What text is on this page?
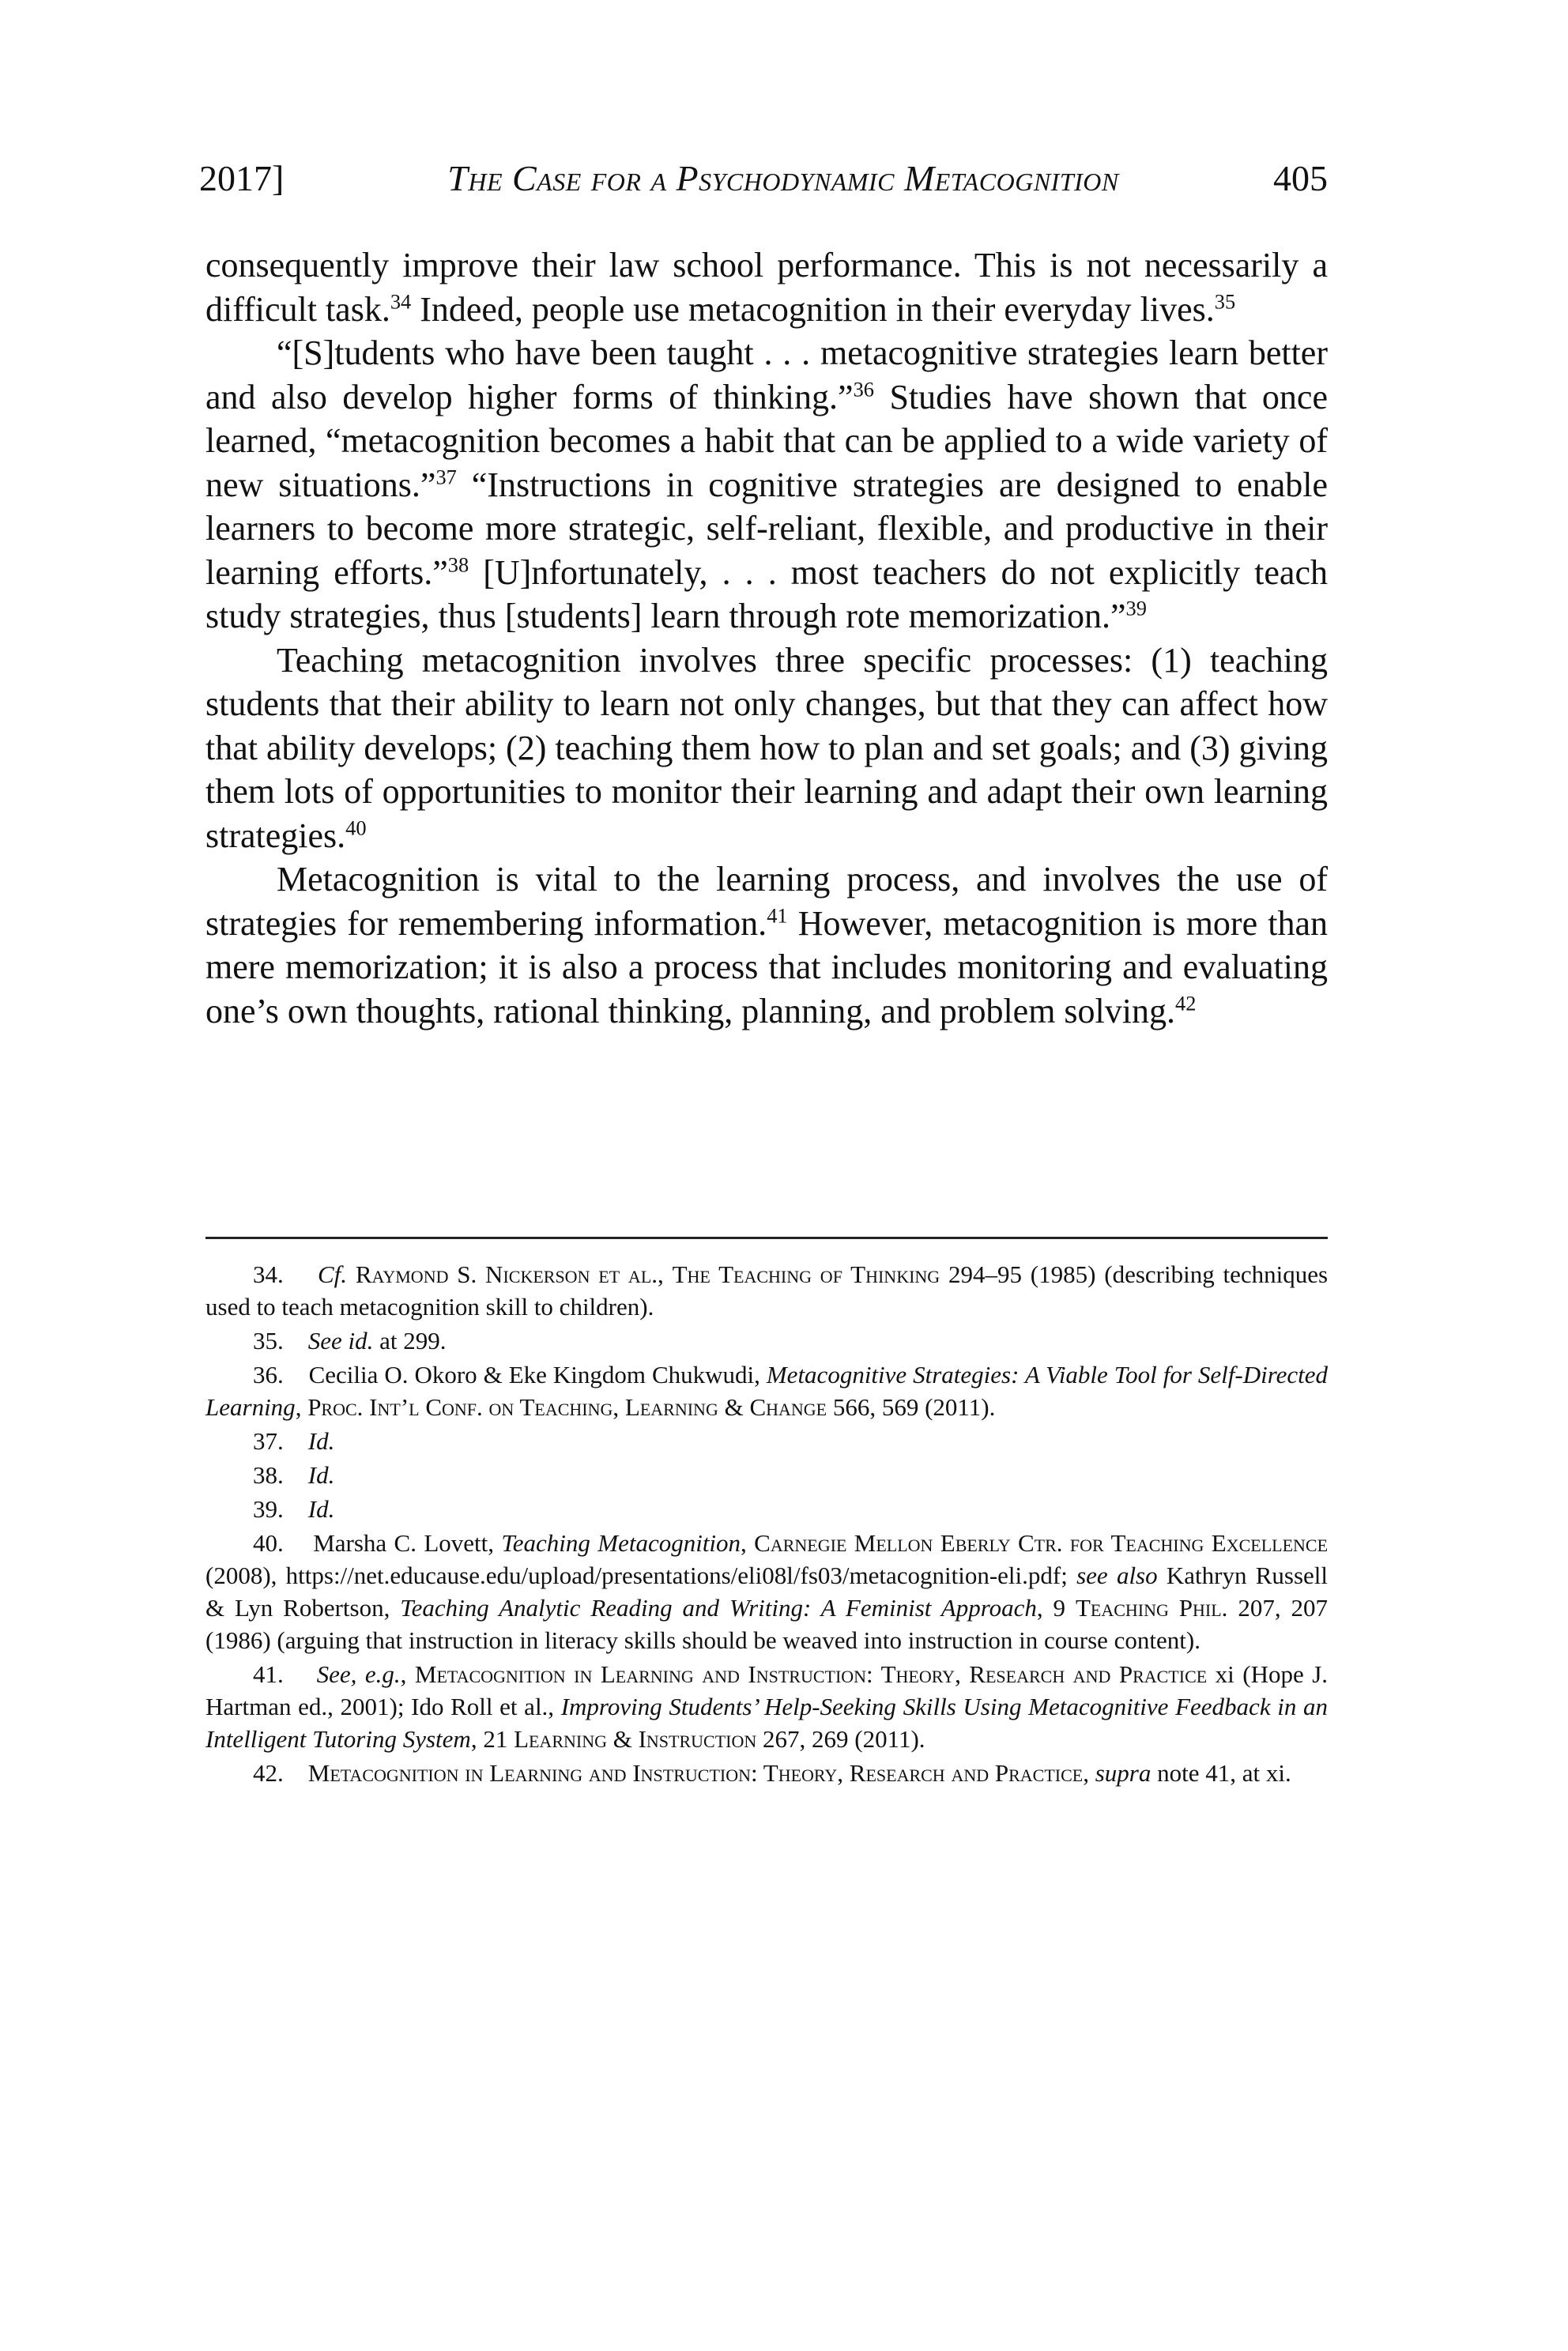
2017]	The Case for a Psychodynamic Metacognition	405

consequently improve their law school performance. This is not necessarily a difficult task.$^{34}$ Indeed, people use metacognition in their everyday lives.$^{35}$

“[S]tudents who have been taught . . . metacognitive strategies learn better and also develop higher forms of thinking.”$^{36}$ Studies have shown that once learned, “metacognition becomes a habit that can be applied to a wide variety of new situations.”$^{37}$ “Instructions in cognitive strategies are designed to enable learners to become more strategic, self-reliant, flexible, and productive in their learning efforts.”$^{38}$ [U]nfortunately, . . . most teachers do not explicitly teach study strategies, thus [students] learn through rote memorization.”$^{39}$

Teaching metacognition involves three specific processes: (1) teaching students that their ability to learn not only changes, but that they can affect how that ability develops; (2) teaching them how to plan and set goals; and (3) giving them lots of opportunities to monitor their learning and adapt their own learning strategies.$^{40}$

Metacognition is vital to the learning process, and involves the use of strategies for remembering information.$^{41}$ However, metacognition is more than mere memorization; it is also a process that includes monitoring and evaluating one’s own thoughts, rational thinking, planning, and problem solving.$^{42}$

34. Cf. Raymond S. Nickerson et al., The Teaching of Thinking 294–95 (1985) (describing techniques used to teach metacognition skill to children).

35. See id. at 299.

36. Cecilia O. Okoro & Eke Kingdom Chukwudi, Metacognitive Strategies: A Viable Tool for Self-Directed Learning, Proc. Int’l Conf. on Teaching, Learning & Change 566, 569 (2011).

37. Id.

38. Id.

39. Id.

40. Marsha C. Lovett, Teaching Metacognition, Carnegie Mellon Eberly Ctr. for Teaching Excellence (2008), https://net.educause.edu/upload/presentations/eli08l/fs03/metacognition-eli.pdf; see also Kathryn Russell & Lyn Robertson, Teaching Analytic Reading and Writing: A Feminist Approach, 9 Teaching Phil. 207, 207 (1986) (arguing that instruction in literacy skills should be weaved into instruction in course content).

41. See, e.g., Metacognition in Learning and Instruction: Theory, Research and Practice xi (Hope J. Hartman ed., 2001); Ido Roll et al., Improving Students’ Help-Seeking Skills Using Metacognitive Feedback in an Intelligent Tutoring System, 21 Learning & Instruction 267, 269 (2011).

42. Metacognition in Learning and Instruction: Theory, Research and Practice, supra note 41, at xi.
